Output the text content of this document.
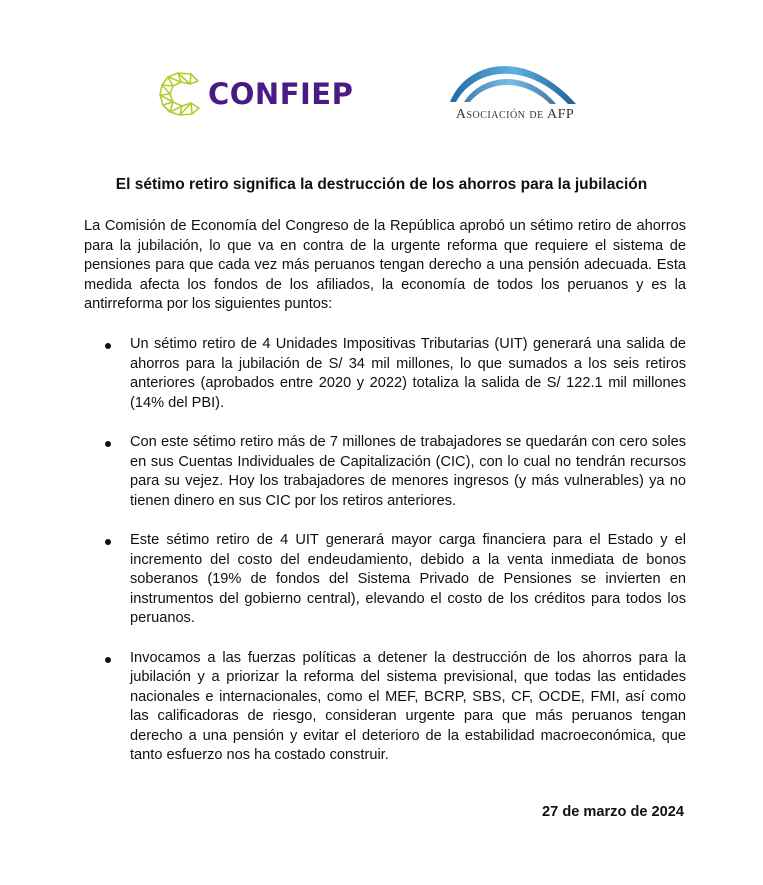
CONFIEP
Asociación de AFP
El sétimo retiro significa la destrucción de los ahorros para la jubilación
La Comisión de Economía del Congreso de la República aprobó un sétimo retiro de ahorros para la jubilación, lo que va en contra de la urgente reforma que requiere el sistema de pensiones para que cada vez más peruanos tengan derecho a una pensión adecuada. Esta medida afecta los fondos de los afiliados, la economía de todos los peruanos y es la antirreforma por los siguientes puntos:
Un sétimo retiro de 4 Unidades Impositivas Tributarias (UIT) generará una salida de ahorros para la jubilación de S/ 34 mil millones, lo que sumados a los seis retiros anteriores (aprobados entre 2020 y 2022) totaliza la salida de S/ 122.1 mil millones (14% del PBI).
Con este sétimo retiro más de 7 millones de trabajadores se quedarán con cero soles en sus Cuentas Individuales de Capitalización (CIC), con lo cual no tendrán recursos para su vejez. Hoy los trabajadores de menores ingresos (y más vulnerables) ya no tienen dinero en sus CIC por los retiros anteriores.
Este sétimo retiro de 4 UIT generará mayor carga financiera para el Estado y el incremento del costo del endeudamiento, debido a la venta inmediata de bonos soberanos (19% de fondos del Sistema Privado de Pensiones se invierten en instrumentos del gobierno central), elevando el costo de los créditos para todos los peruanos.
Invocamos a las fuerzas políticas a detener la destrucción de los ahorros para la jubilación y a priorizar la reforma del sistema previsional, que todas las entidades nacionales e internacionales, como el MEF, BCRP, SBS, CF, OCDE, FMI, así como las calificadoras de riesgo, consideran urgente para que más peruanos tengan derecho a una pensión y evitar el deterioro de la estabilidad macroeconómica, que tanto esfuerzo nos ha costado construir.
27 de marzo de 2024
